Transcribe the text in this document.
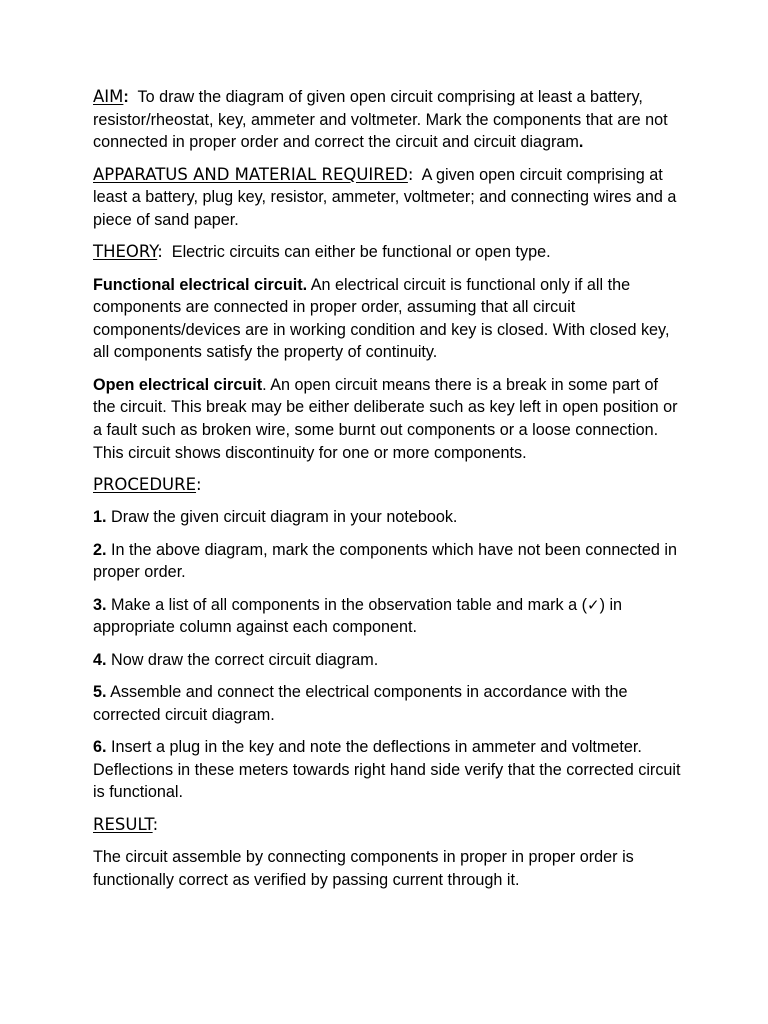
AIM: To draw the diagram of given open circuit comprising at least a battery, resistor/rheostat, key, ammeter and voltmeter. Mark the components that are not connected in proper order and correct the circuit and circuit diagram.

APPARATUS AND MATERIAL REQUIRED: A given open circuit comprising at least a battery, plug key, resistor, ammeter, voltmeter; and connecting wires and a piece of sand paper.

THEORY: Electric circuits can either be functional or open type.

Functional electrical circuit. An electrical circuit is functional only if all the components are connected in proper order, assuming that all circuit components/devices are in working condition and key is closed. With closed key, all components satisfy the property of continuity.

Open electrical circuit. An open circuit means there is a break in some part of the circuit. This break may be either deliberate such as key left in open position or a fault such as broken wire, some burnt out components or a loose connection. This circuit shows discontinuity for one or more components.

PROCEDURE:

1. Draw the given circuit diagram in your notebook.

2. In the above diagram, mark the components which have not been connected in proper order.

3. Make a list of all components in the observation table and mark a (✓) in appropriate column against each component.

4. Now draw the correct circuit diagram.

5. Assemble and connect the electrical components in accordance with the corrected circuit diagram.

6. Insert a plug in the key and note the deflections in ammeter and voltmeter. Deflections in these meters towards right hand side verify that the corrected circuit is functional.

RESULT:

The circuit assemble by connecting components in proper in proper order is functionally correct as verified by passing current through it.
